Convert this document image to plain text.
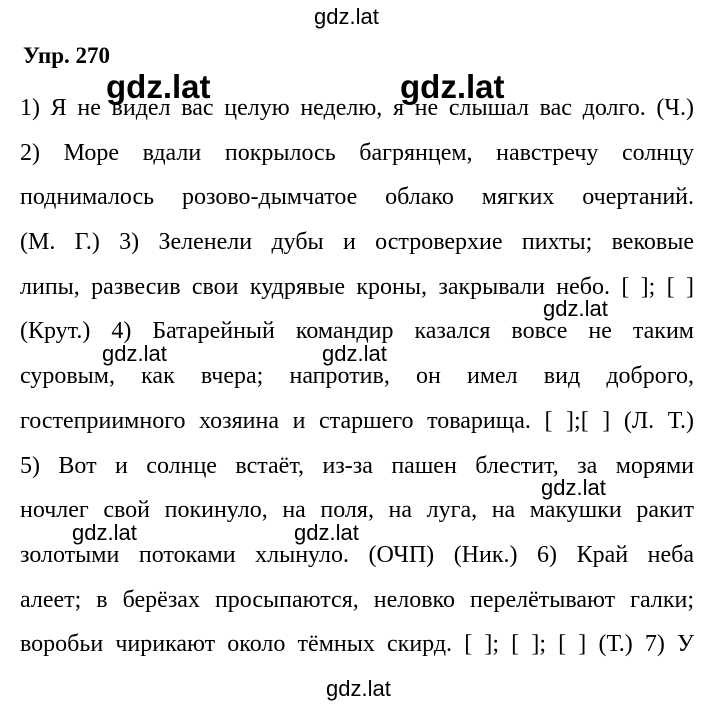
gdz.lat
Упр. 270
1) Я не видел вас целую неделю, я не слышал вас долго. (Ч.)
2) Море вдали покрылось багрянцем, навстречу солнцу
поднималось розово-дымчатое облако мягких очертаний.
(М. Г.) 3) Зеленели дубы и островерхие пихты; вековые
липы, развесив свои кудрявые кроны, закрывали небо. [ ]; [ ]
(Крут.) 4) Батарейный командир казался вовсе не таким
суровым, как вчера; напротив, он имел вид доброго,
гостеприимного хозяина и старшего товарища. [ ];[ ] (Л. Т.)
5) Вот и солнце встаёт, из-за пашен блестит, за морями
ночлег свой покинуло, на поля, на луга, на макушки ракит
золотыми потоками хлынуло. (ОЧП) (Ник.) 6) Край неба
алеет; в берёзах просыпаются, неловко перелётывают галки;
воробьи чирикают около тёмных скирд. [ ]; [ ]; [ ] (Т.) 7) У
gdz.lat	gdz.lat
gdz.lat
gdz.lat	gdz.lat
gdz.lat
gdz.lat	gdz.lat
gdz.lat
